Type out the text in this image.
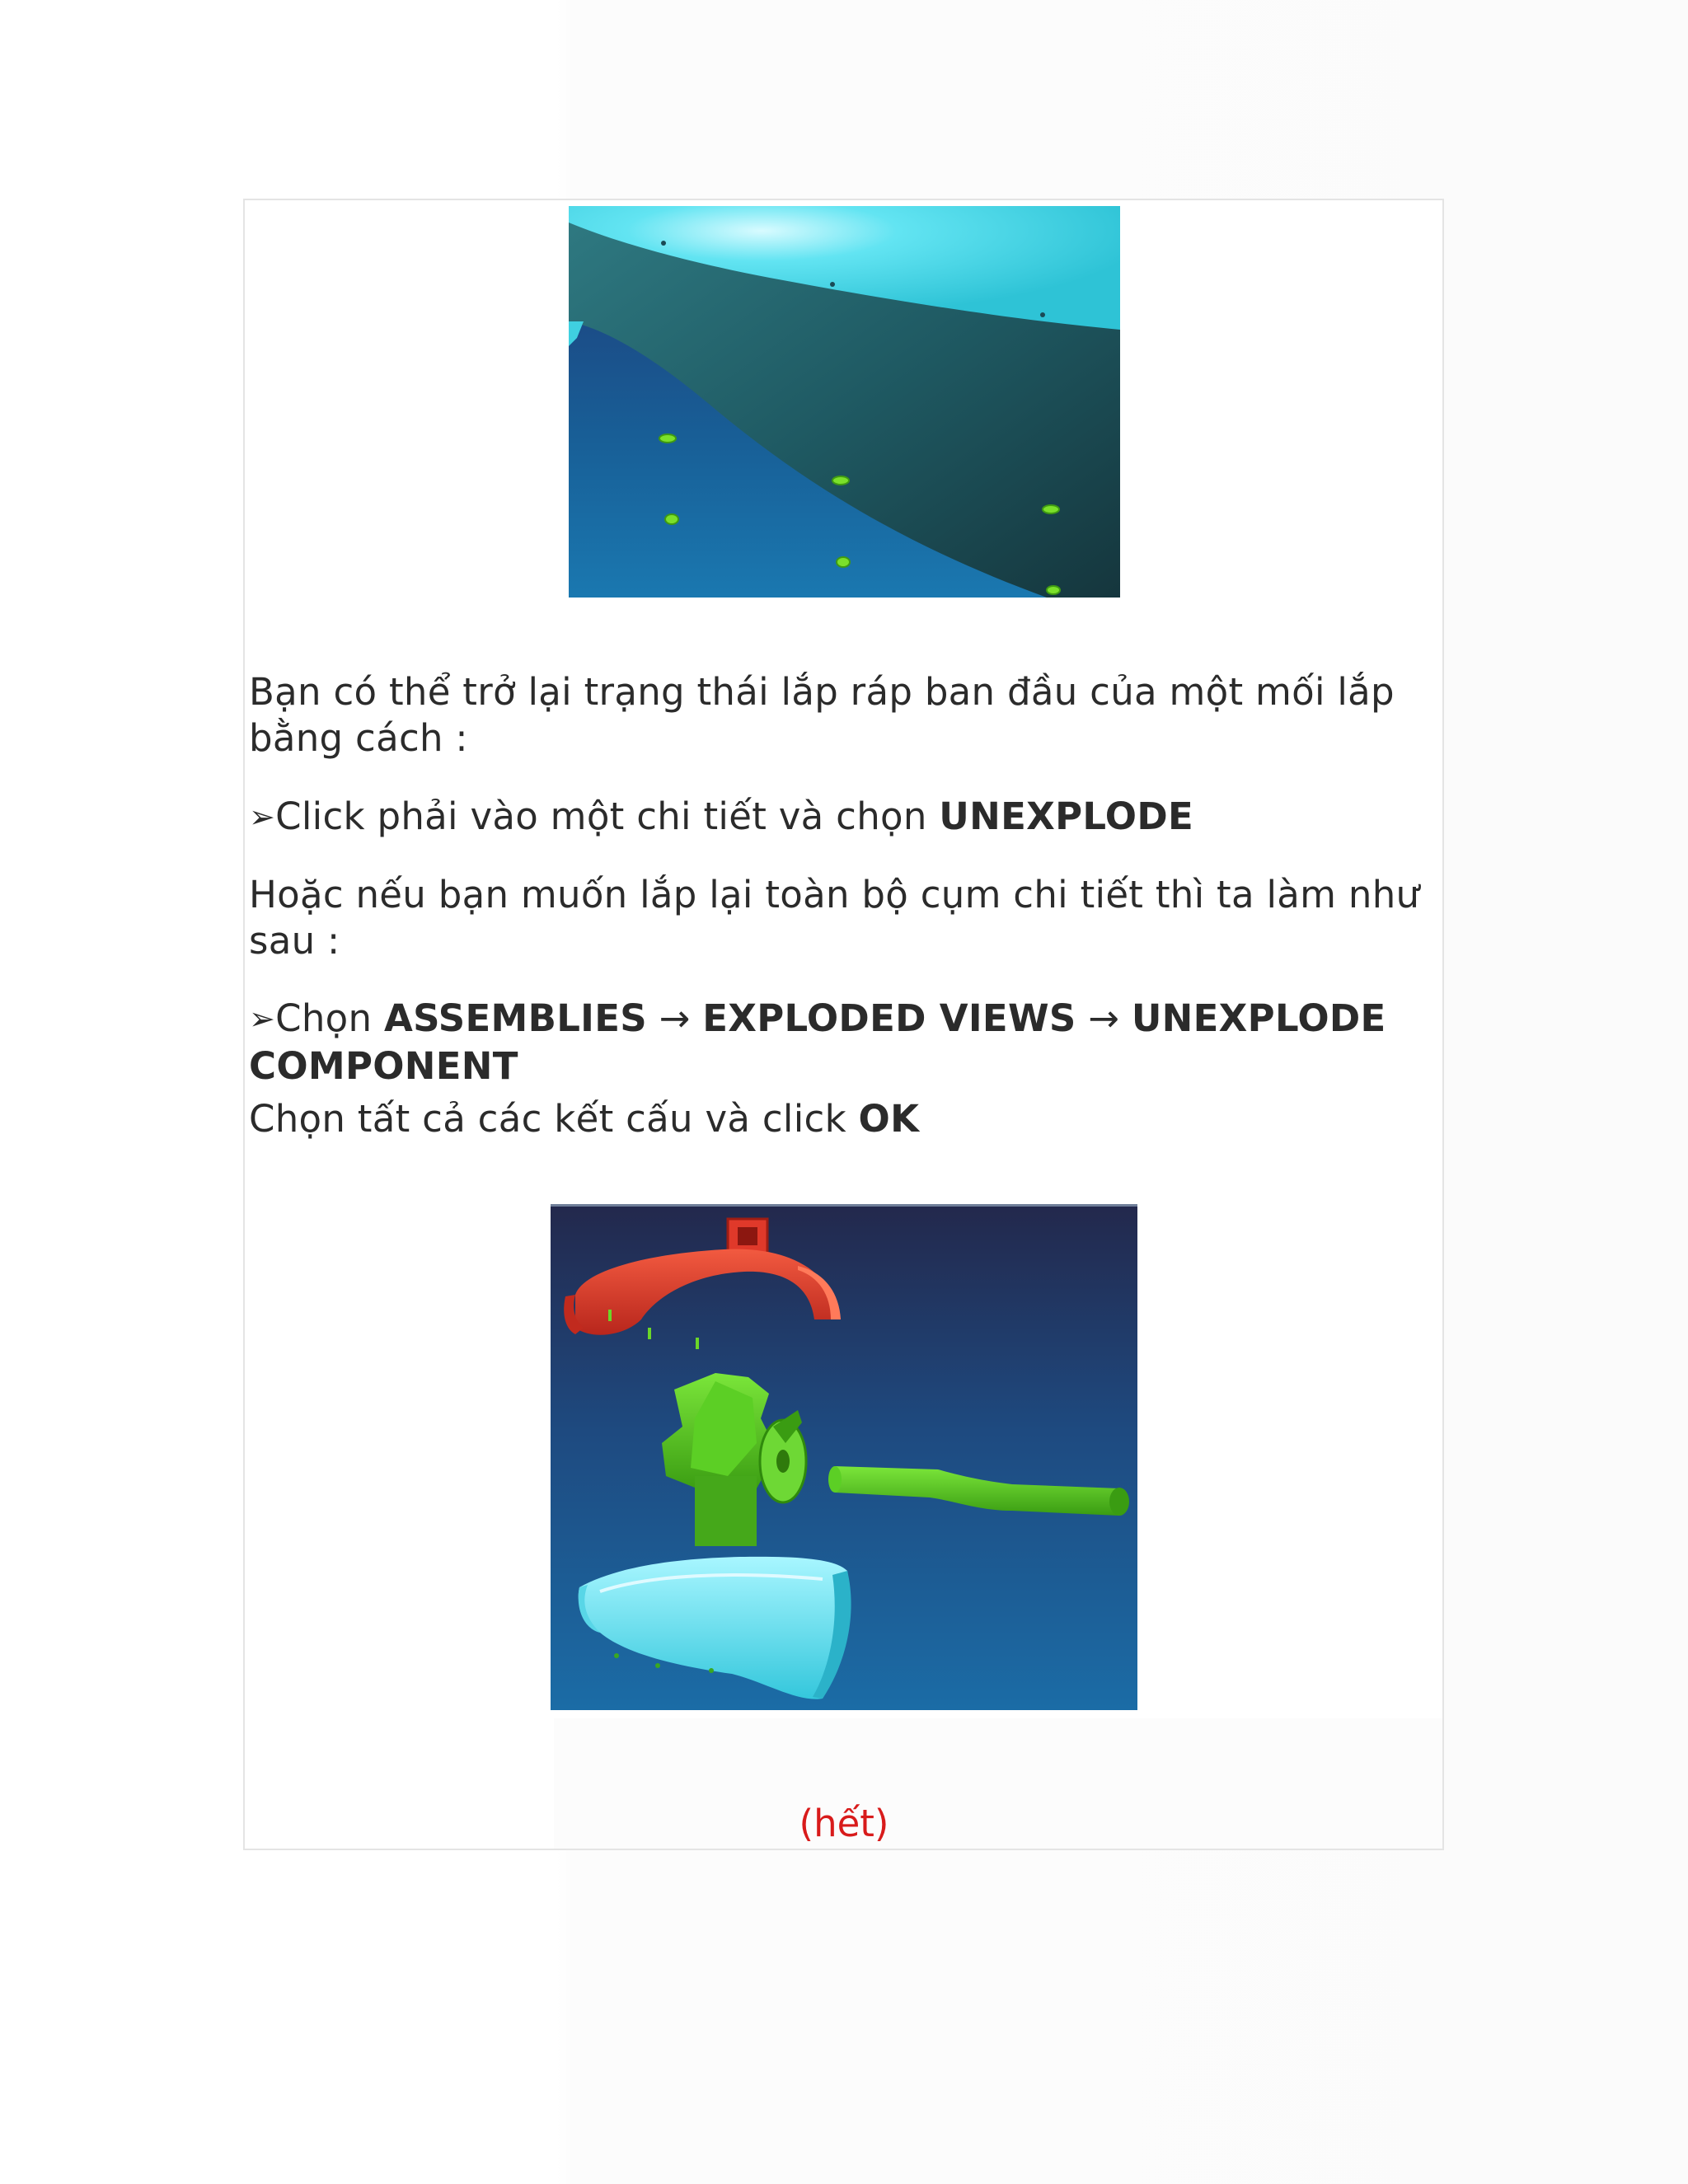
Bạn có thể trở lại trạng thái lắp ráp ban đầu của một mối lắp bằng cách :

➢Click phải vào một chi tiết và chọn UNEXPLODE

Hoặc nếu bạn muốn lắp lại toàn bộ cụm chi tiết thì ta làm như sau :

➢Chọn ASSEMBLIES → EXPLODED VIEWS → UNEXPLODE COMPONENT

Chọn tất cả các kết cấu và click OK

(hết)
